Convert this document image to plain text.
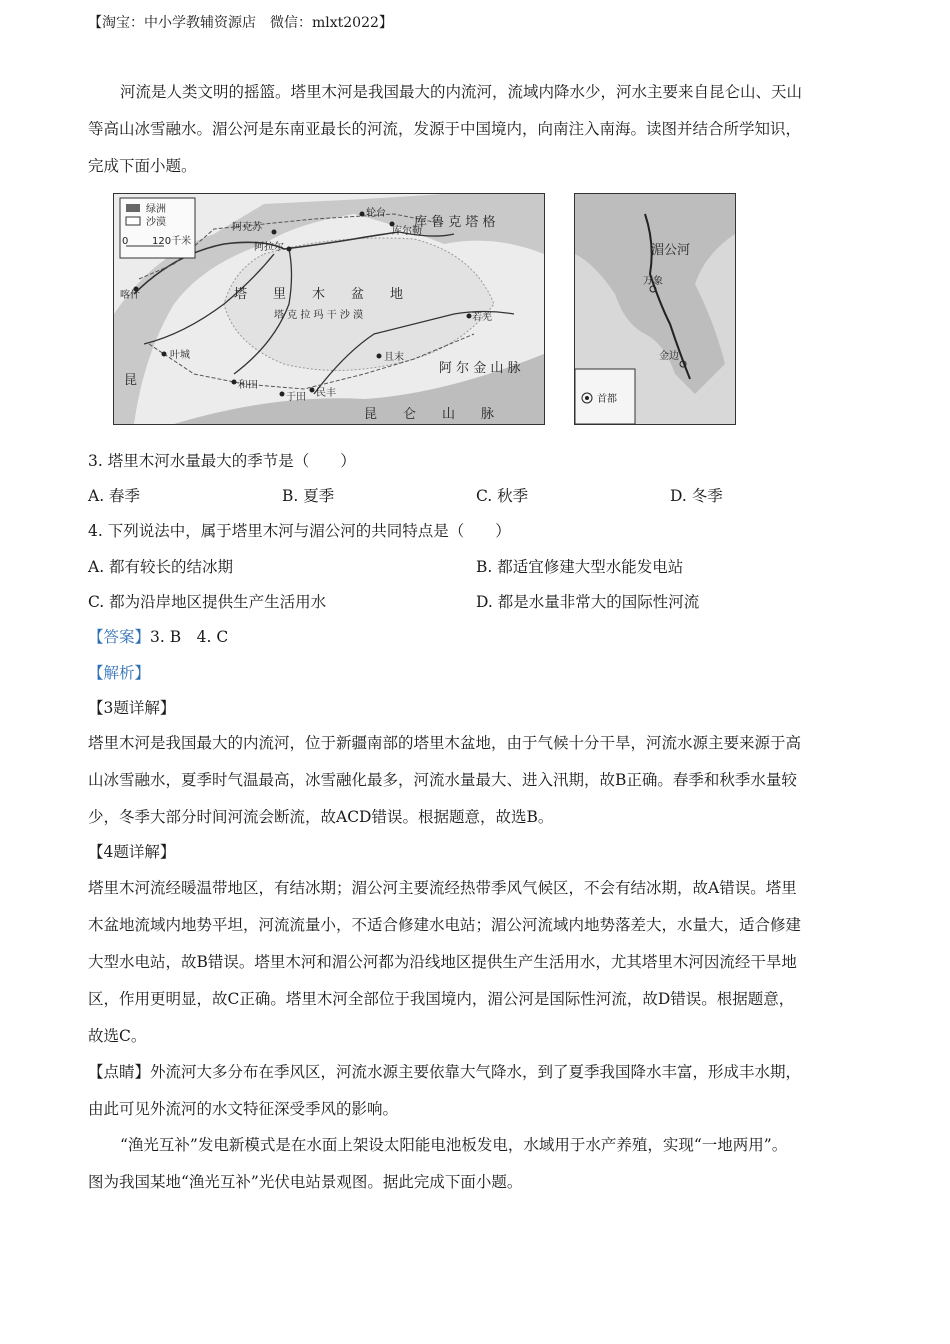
【淘宝：中小学教辅资源店　微信：mlxt2022】
河流是人类文明的摇篮。塔里木河是我国最大的内流河，流域内降水少，河水主要来自昆仑山、天山
等高山冰雪融水。湄公河是东南亚最长的河流，发源于中国境内，向南注入南海。读图并结合所学知识，
完成下面小题。
绿洲
沙漠
0 120千米
阿克苏
阿拉尔
轮台
库尔勒
喀什
叶城
和田
于田 民丰
且末
若羌
塔　　里　　木　　盆　　地
塔 克 拉 玛 干 沙 漠
库 鲁 克 塔 格
昆　　仑　　山　　脉
阿 尔 金 山 脉
昆
首都
湄公河
万象
金边
3. 塔里木河水量最大的季节是（　　）
A. 春季	B. 夏季	C. 秋季	D. 冬季
4. 下列说法中，属于塔里木河与湄公河的共同特点是（　　）
A. 都有较长的结冰期	B. 都适宜修建大型水能发电站
C. 都为沿岸地区提供生产生活用水	D. 都是水量非常大的国际性河流
【答案】3. B　4. C
【解析】
【3题详解】
塔里木河是我国最大的内流河，位于新疆南部的塔里木盆地，由于气候十分干旱，河流水源主要来源于高
山冰雪融水，夏季时气温最高，冰雪融化最多，河流水量最大、进入汛期，故B正确。春季和秋季水量较
少，冬季大部分时间河流会断流，故ACD错误。根据题意，故选B。
【4题详解】
塔里木河流经暖温带地区，有结冰期；湄公河主要流经热带季风气候区，不会有结冰期，故A错误。塔里
木盆地流域内地势平坦，河流流量小，不适合修建水电站；湄公河流域内地势落差大，水量大，适合修建
大型水电站，故B错误。塔里木河和湄公河都为沿线地区提供生产生活用水，尤其塔里木河因流经干旱地
区，作用更明显，故C正确。塔里木河全部位于我国境内，湄公河是国际性河流，故D错误。根据题意，
故选C。
【点睛】外流河大多分布在季风区，河流水源主要依靠大气降水，到了夏季我国降水丰富，形成丰水期，
由此可见外流河的水文特征深受季风的影响。
“渔光互补”发电新模式是在水面上架设太阳能电池板发电，水域用于水产养殖，实现“一地两用”。
图为我国某地“渔光互补”光伏电站景观图。据此完成下面小题。
